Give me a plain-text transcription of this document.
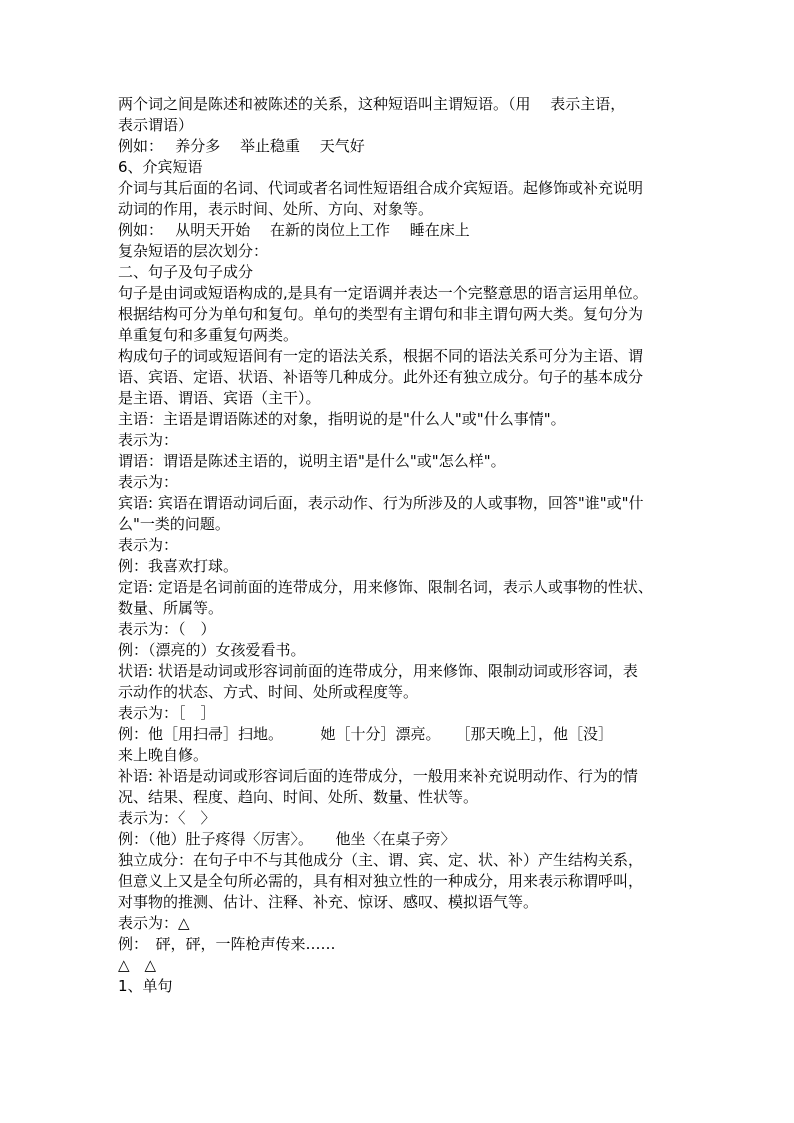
两个词之间是陈述和被陈述的关系，这种短语叫主谓短语。（用　 表示主语，
表示谓语）
例如：　 养分多　 举止稳重　 天气好
6、介宾短语
介词与其后面的名词、代词或者名词性短语组合成介宾短语。起修饰或补充说明
动词的作用，表示时间、处所、方向、对象等。
例如：　 从明天开始　 在新的岗位上工作　 睡在床上
复杂短语的层次划分：
二、句子及句子成分
句子是由词或短语构成的,是具有一定语调并表达一个完整意思的语言运用单位。
根据结构可分为单句和复句。单句的类型有主谓句和非主谓句两大类。复句分为
单重复句和多重复句两类。
构成句子的词或短语间有一定的语法关系，根据不同的语法关系可分为主语、谓
语、宾语、定语、状语、补语等几种成分。此外还有独立成分。句子的基本成分
是主语、谓语、宾语（主干）。
主语：主语是谓语陈述的对象，指明说的是"什么人"或"什么事情"。
表示为：
谓语：谓语是陈述主语的，说明主语"是什么"或"怎么样"。
表示为：
宾语: 宾语在谓语动词后面，表示动作、行为所涉及的人或事物，回答"谁"或"什
么"一类的问题。
表示为：
例：我喜欢打球。
定语: 定语是名词前面的连带成分，用来修饰、限制名词，表示人或事物的性状、
数量、所属等。
表示为：（　）
例：（漂亮的）女孩爱看书。
状语: 状语是动词或形容词前面的连带成分，用来修饰、限制动词或形容词，表
示动作的状态、方式、时间、处所或程度等。
表示为：［　］
例：他［用扫帚］扫地。　　　她［十分］漂亮。　　［那天晚上］，他［没］
来上晚自修。
补语: 补语是动词或形容词后面的连带成分，一般用来补充说明动作、行为的情
况、结果、程度、趋向、时间、处所、数量、性状等。
表示为：〈　〉
例：（他）肚子疼得〈厉害〉。　　他坐〈在桌子旁〉
独立成分：在句子中不与其他成分（主、谓、宾、定、状、补）产生结构关系，
但意义上又是全句所必需的，具有相对独立性的一种成分，用来表示称谓呼叫，
对事物的推测、估计、注释、补充、惊讶、感叹、模拟语气等。
表示为：△
例：　砰，砰，一阵枪声传来……
△　△
1、单句
